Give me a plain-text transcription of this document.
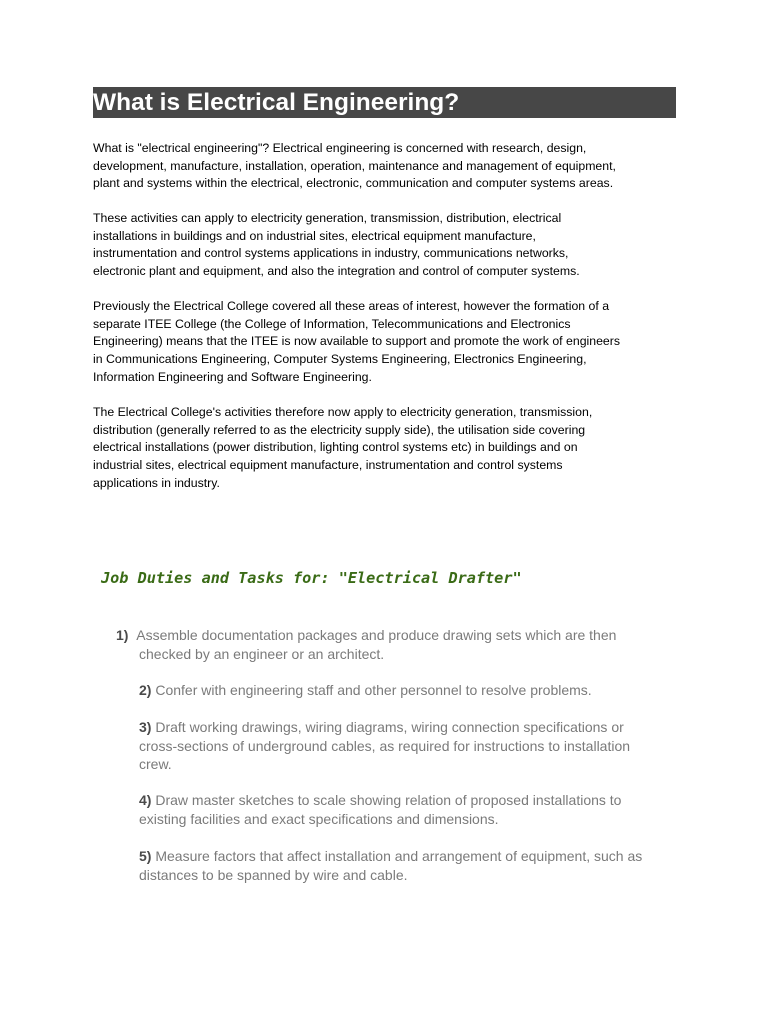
What is Electrical Engineering?

What is "electrical engineering"? Electrical engineering is concerned with research, design,
development, manufacture, installation, operation, maintenance and management of equipment,
plant and systems within the electrical, electronic, communication and computer systems areas.

These activities can apply to electricity generation, transmission, distribution, electrical
installations in buildings and on industrial sites, electrical equipment manufacture,
instrumentation and control systems applications in industry, communications networks,
electronic plant and equipment, and also the integration and control of computer systems.

Previously the Electrical College covered all these areas of interest, however the formation of a
separate ITEE College (the College of Information, Telecommunications and Electronics
Engineering) means that the ITEE is now available to support and promote the work of engineers
in Communications Engineering, Computer Systems Engineering, Electronics Engineering,
Information Engineering and Software Engineering.

The Electrical College's activities therefore now apply to electricity generation, transmission,
distribution (generally referred to as the electricity supply side), the utilisation side covering
electrical installations (power distribution, lighting control systems etc) in buildings and on
industrial sites, electrical equipment manufacture, instrumentation and control systems
applications in industry.

Job Duties and Tasks for: "Electrical Drafter"
1) Assemble documentation packages and produce drawing sets which are then
checked by an engineer or an architect.
2) Confer with engineering staff and other personnel to resolve problems.
3) Draft working drawings, wiring diagrams, wiring connection specifications or
cross-sections of underground cables, as required for instructions to installation
crew.
4) Draw master sketches to scale showing relation of proposed installations to
existing facilities and exact specifications and dimensions.
5) Measure factors that affect installation and arrangement of equipment, such as
distances to be spanned by wire and cable.
